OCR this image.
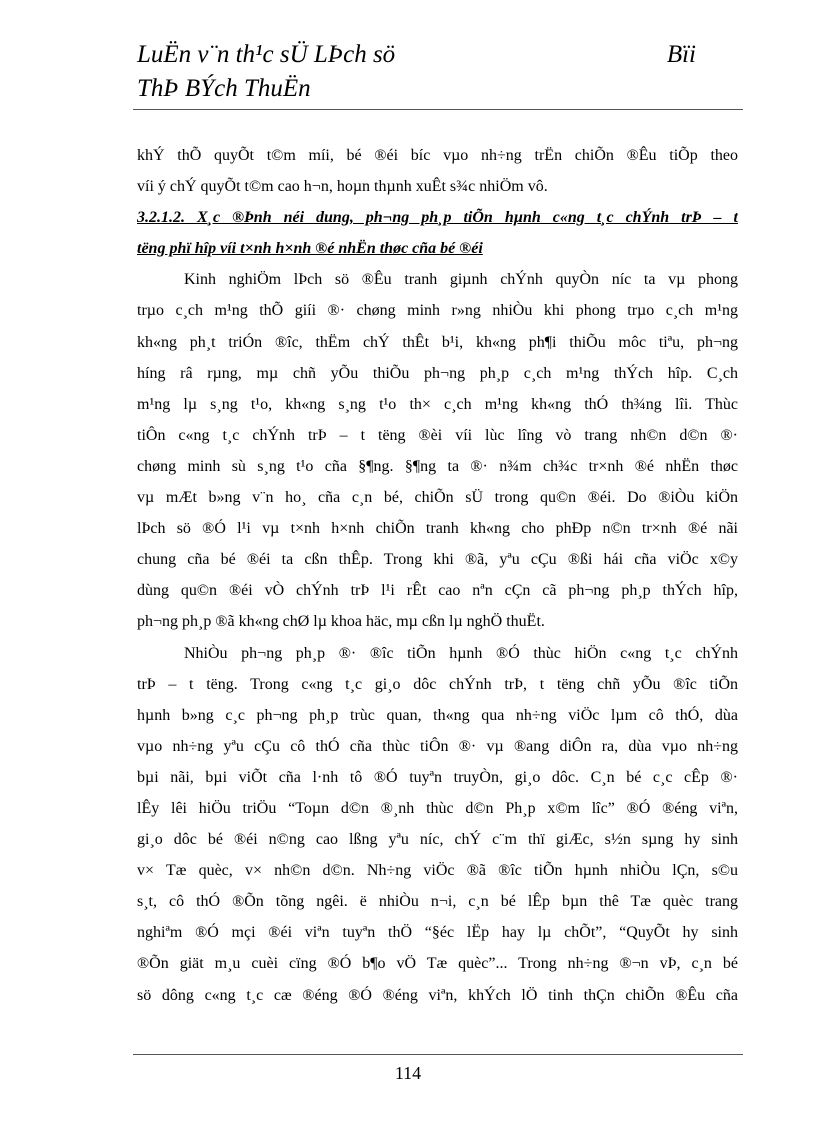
LuËn v¨n th¹c sÜ LÞch sö	Bïi
ThÞ BÝch ThuËn
khÝ thÕ quyÕt t©m míi, bé ®éi bíc vµo nh÷ng trËn chiÕn ®Êu tiÕp theo
víi ý chÝ quyÕt t©m cao h¬n, hoµn thµnh xuÊt s¾c nhiÖm vô.
3.2.1.2. X¸c ®Þnh néi dung, ph¬ng ph¸p tiÕn hµnh c«ng t¸c chÝnh trÞ – t
tëng phï hîp víi t×nh h×nh ®é nhËn thøc cña bé ®éi
Kinh nghiÖm lÞch sö ®Êu tranh giµnh chÝnh quyÒn níc ta vµ phong
trµo c¸ch m¹ng thÕ giíi ®· chøng minh r»ng nhiÒu khi phong trµo c¸ch m¹ng
kh«ng ph¸t triÓn ®îc, thËm chÝ thÊt b¹i, kh«ng ph¶i thiÕu môc tiªu, ph¬ng
híng râ rµng, mµ chñ yÕu thiÕu ph¬ng ph¸p c¸ch m¹ng thÝch hîp. C¸ch
m¹ng lµ s¸ng t¹o, kh«ng s¸ng t¹o th× c¸ch m¹ng kh«ng thÓ th¾ng lîi. Thùc
tiÔn c«ng t¸c chÝnh trÞ – t tëng ®èi víi lùc lîng vò trang nh©n d©n ®·
chøng minh sù s¸ng t¹o cña §¶ng. §¶ng ta ®· n¾m ch¾c tr×nh ®é nhËn thøc
vµ mÆt b»ng v¨n ho¸ cña c¸n bé, chiÕn sÜ trong qu©n ®éi. Do ®iÒu kiÖn
lÞch sö ®Ó l¹i vµ t×nh h×nh chiÕn tranh kh«ng cho phÐp n©n tr×nh ®é nãi
chung cña bé ®éi ta cßn thÊp. Trong khi ®ã, yªu cÇu ®ßi hái cña viÖc x©y
dùng qu©n ®éi vÒ chÝnh trÞ l¹i rÊt cao nªn cÇn cã ph¬ng ph¸p thÝch hîp,
ph¬ng ph¸p ®ã kh«ng chØ lµ khoa häc, mµ cßn lµ nghÖ thuËt.
NhiÒu ph¬ng ph¸p ®· ®îc tiÕn hµnh ®Ó thùc hiÖn c«ng t¸c chÝnh
trÞ – t tëng. Trong c«ng t¸c gi¸o dôc chÝnh trÞ, t tëng chñ yÕu ®îc tiÕn
hµnh b»ng c¸c ph¬ng ph¸p trùc quan, th«ng qua nh÷ng viÖc lµm cô thÓ, dùa
vµo nh÷ng yªu cÇu cô thÓ cña thùc tiÔn ®· vµ ®ang diÔn ra, dùa vµo nh÷ng
bµi nãi, bµi viÕt cña l·nh tô ®Ó tuyªn truyÒn, gi¸o dôc. C¸n bé c¸c cÊp ®·
lÊy lêi hiÖu triÖu “Toµn d©n ®¸nh thùc d©n Ph¸p x©m lîc” ®Ó ®éng viªn,
gi¸o dôc bé ®éi n©ng cao lßng yªu níc, chÝ c¨m thï giÆc, s½n sµng hy sinh
v× Tæ quèc, v× nh©n d©n. Nh÷ng viÖc ®ã ®îc tiÕn hµnh nhiÒu lÇn, s©u
s¸t, cô thÓ ®Õn tõng ngêi. ë nhiÒu n¬i, c¸n bé lÊp bµn thê Tæ quèc trang
nghiªm ®Ó mçi ®éi viªn tuyªn thÖ “§éc lËp hay lµ chÕt”, “QuyÕt hy sinh
®Õn giät m¸u cuèi cïng ®Ó b¶o vÖ Tæ quèc”... Trong nh÷ng ®¬n vÞ, c¸n bé
sö dông c«ng t¸c cæ ®éng ®Ó ®éng viªn, khÝch lÖ tinh thÇn chiÕn ®Êu cña
114
